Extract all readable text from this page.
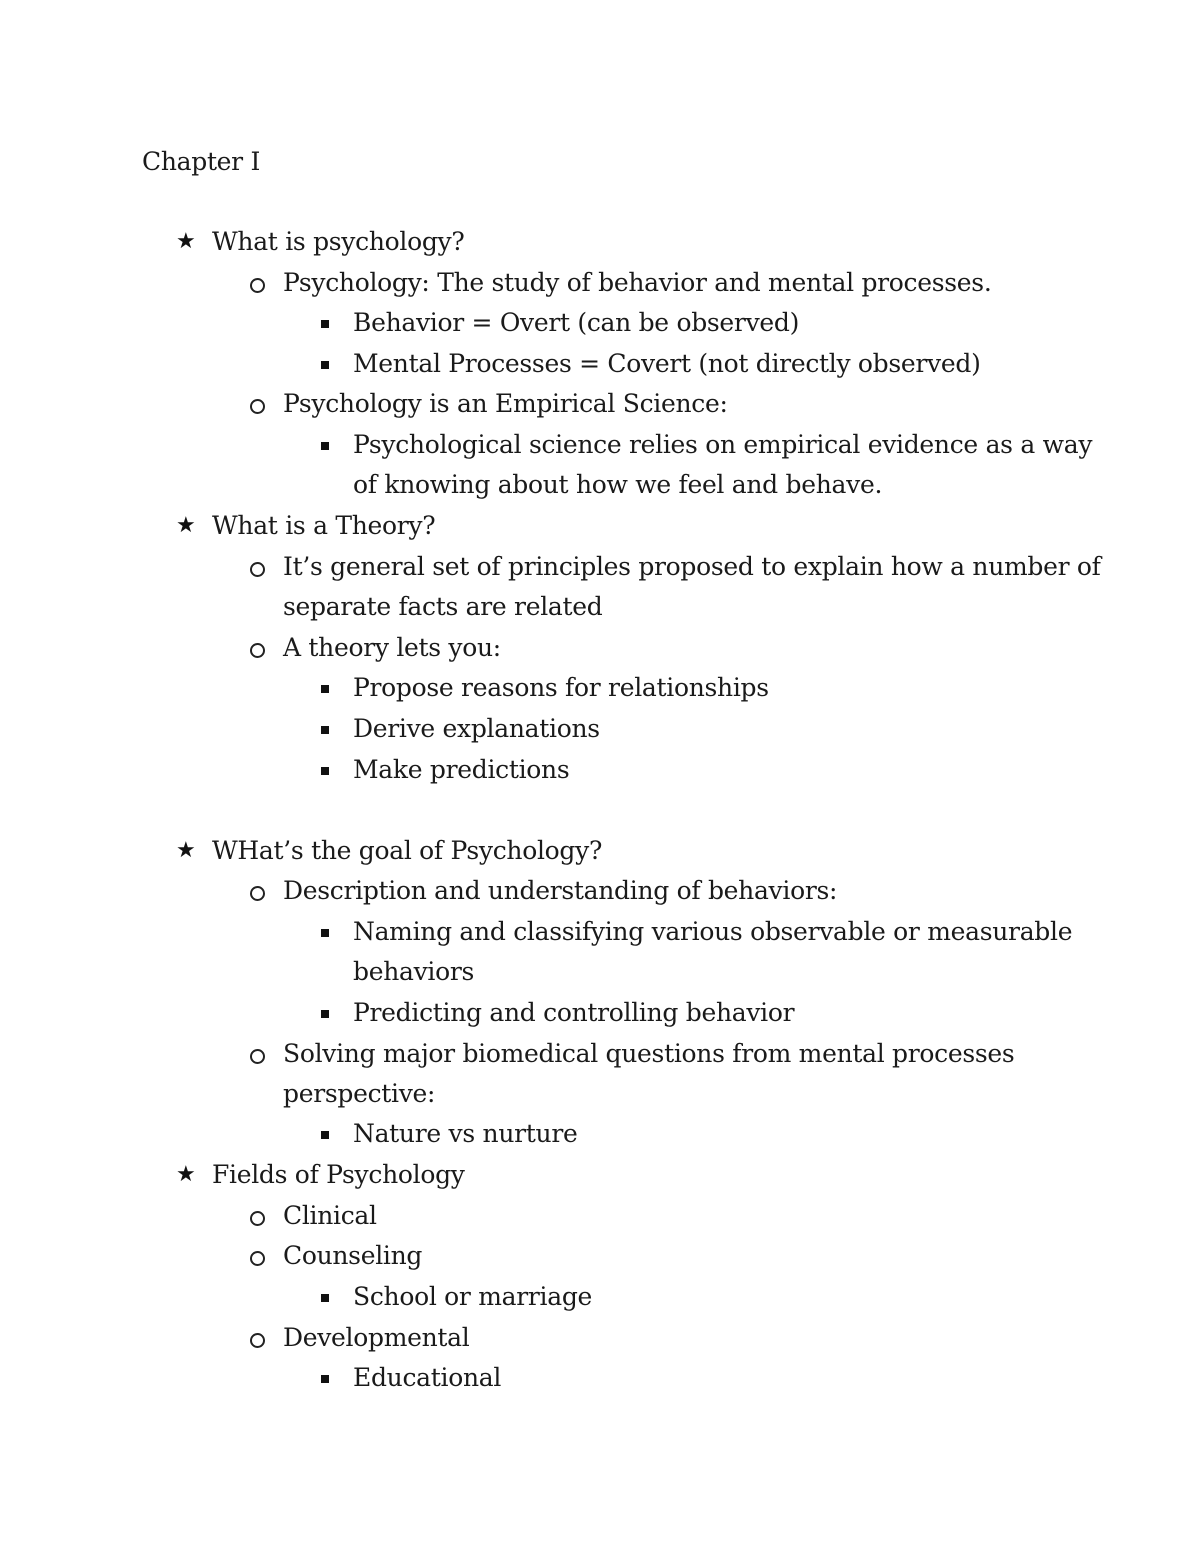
Chapter I
★ What is psychology?
Psychology: The study of behavior and mental processes.
Behavior = Overt (can be observed)
Mental Processes = Covert (not directly observed)
Psychology is an Empirical Science:
Psychological science relies on empirical evidence as a way
of knowing about how we feel and behave.
★ What is a Theory?
It’s general set of principles proposed to explain how a number of
separate facts are related
A theory lets you:
Propose reasons for relationships
Derive explanations
Make predictions
★ WHat’s the goal of Psychology?
Description and understanding of behaviors:
Naming and classifying various observable or measurable
behaviors
Predicting and controlling behavior
Solving major biomedical questions from mental processes
perspective:
Nature vs nurture
★ Fields of Psychology
Clinical
Counseling
School or marriage
Developmental
Educational
